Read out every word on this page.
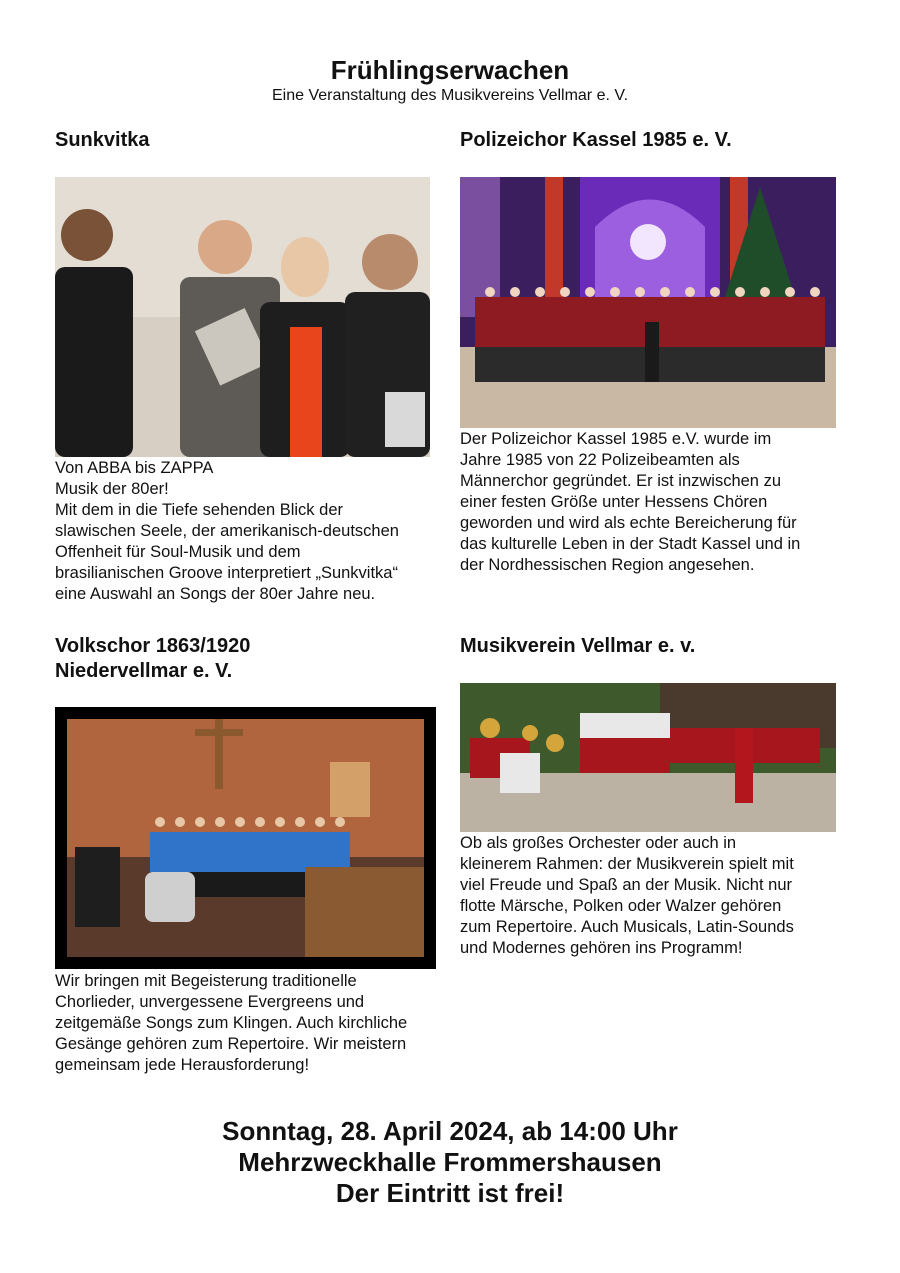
Frühlingserwachen
Eine Veranstaltung des Musikvereins Vellmar e. V.
Sunkvitka
Von ABBA bis ZAPPA
Musik der 80er!
Mit dem in die Tiefe sehenden Blick der
slawischen Seele, der amerikanisch-deutschen
Offenheit für Soul-Musik und dem
brasilianischen Groove interpretiert „Sunkvitka“
eine Auswahl an Songs der 80er Jahre neu.
Polizeichor Kassel 1985 e. V.
Der Polizeichor Kassel 1985 e.V. wurde im
Jahre 1985 von 22 Polizeibeamten als
Männerchor gegründet. Er ist inzwischen zu
einer festen Größe unter Hessens Chören
geworden und wird als echte Bereicherung für
das kulturelle Leben in der Stadt Kassel und in
der Nordhessischen Region angesehen.
Volkschor 1863/1920
Niedervellmar e. V.
Wir bringen mit Begeisterung traditionelle
Chorlieder, unvergessene Evergreens und
zeitgemäße Songs zum Klingen. Auch kirchliche
Gesänge gehören zum Repertoire. Wir meistern
gemeinsam jede Herausforderung!
Musikverein Vellmar e. v.
Ob als großes Orchester oder auch in
kleinerem Rahmen: der Musikverein spielt mit
viel Freude und Spaß an der Musik. Nicht nur
flotte Märsche, Polken oder Walzer gehören
zum Repertoire. Auch Musicals, Latin-Sounds
und Modernes gehören ins Programm!
Sonntag, 28. April 2024, ab 14:00 Uhr
Mehrzweckhalle Frommershausen
Der Eintritt ist frei!
